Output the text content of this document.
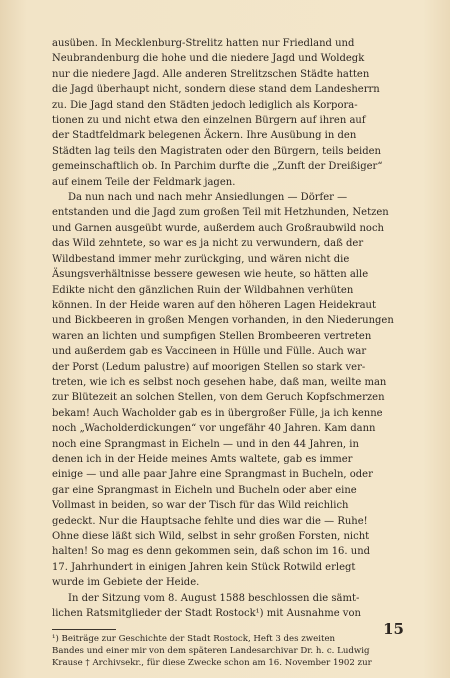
ausüben. In Mecklenburg-Strelitz hatten nur Friedland und
Neubrandenburg die hohe und die niedere Jagd und Woldegk
nur die niedere Jagd. Alle anderen Strelitzschen Städte hatten
die Jagd überhaupt nicht, sondern diese stand dem Landesherrn
zu. Die Jagd stand den Städten jedoch lediglich als Korpora-
tionen zu und nicht etwa den einzelnen Bürgern auf ihren auf
der Stadtfeldmark belegenen Äckern. Ihre Ausübung in den
Städten lag teils den Magistraten oder den Bürgern, teils beiden
gemeinschaftlich ob. In Parchim durfte die „Zunft der Dreißiger“
auf einem Teile der Feldmark jagen.
Da nun nach und nach mehr Ansiedlungen — Dörfer —
entstanden und die Jagd zum großen Teil mit Hetzhunden, Netzen
und Garnen ausgeübt wurde, außerdem auch Großraubwild noch
das Wild zehntete, so war es ja nicht zu verwundern, daß der
Wildbestand immer mehr zurückging, und wären nicht die
Äsungsverhältnisse bessere gewesen wie heute, so hätten alle
Edikte nicht den gänzlichen Ruin der Wildbahnen verhüten
können. In der Heide waren auf den höheren Lagen Heidekraut
und Bickbeeren in großen Mengen vorhanden, in den Niederungen
waren an lichten und sumpfigen Stellen Brombeeren vertreten
und außerdem gab es Vaccineen in Hülle und Fülle. Auch war
der Porst (Ledum palustre) auf moorigen Stellen so stark ver-
treten, wie ich es selbst noch gesehen habe, daß man, weilte man
zur Blütezeit an solchen Stellen, von dem Geruch Kopfschmerzen
bekam! Auch Wacholder gab es in übergroßer Fülle, ja ich kenne
noch „Wacholderdickungen“ vor ungefähr 40 Jahren. Kam dann
noch eine Sprangmast in Eicheln — und in den 44 Jahren, in
denen ich in der Heide meines Amts waltete, gab es immer
einige — und alle paar Jahre eine Sprangmast in Bucheln, oder
gar eine Sprangmast in Eicheln und Bucheln oder aber eine
Vollmast in beiden, so war der Tisch für das Wild reichlich
gedeckt. Nur die Hauptsache fehlte und dies war die — Ruhe!
Ohne diese läßt sich Wild, selbst in sehr großen Forsten, nicht
halten! So mag es denn gekommen sein, daß schon im 16. und
17. Jahrhundert in einigen Jahren kein Stück Rotwild erlegt
wurde im Gebiete der Heide.
In der Sitzung vom 8. August 1588 beschlossen die sämt-
lichen Ratsmitglieder der Stadt Rostock¹) mit Ausnahme von
¹) Beiträge zur Geschichte der Stadt Rostock, Heft 3 des zweiten
Bandes und einer mir von dem späteren Landesarchivar Dr. h. c. Ludwig
Krause † Archivsekr., für diese Zwecke schon am 16. November 1902 zur
15
